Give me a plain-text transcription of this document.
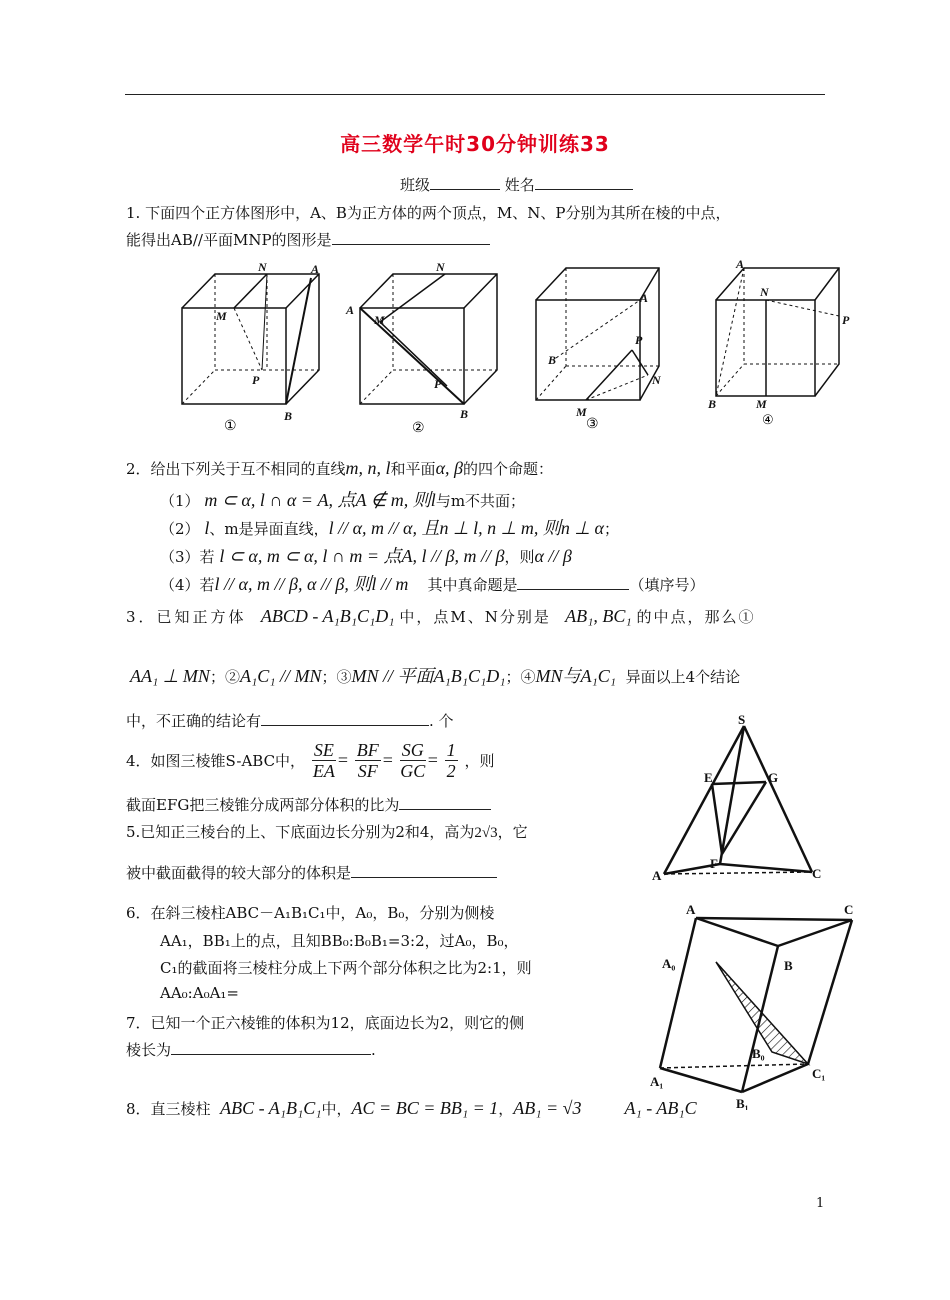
高三数学午时30分钟训练33
班级	姓名
1. 下面四个正方体图形中，A、B为正方体的两个顶点，M、N、P分别为其所在棱的中点，
能得出AB//平面MNP的图形是
N	A
M
P
B
①
N
A
M
P
B
②
A
B
P
N
M
③
A
N
P
B	M
④
2．给出下列关于互不相同的直线m, n, l和平面α, β的四个命题：
（1） m ⊂ α, l ∩ α = A, 点A ∉ m, 则l与m不共面；
（2） l、m是异面直线，l // α, m // α, 且n ⊥ l, n ⊥ m, 则n ⊥ α；
（3）若 l ⊂ α, m ⊂ α, l ∩ m = 点A, l // β, m // β，则α // β
（4）若l // α, m // β, α // β, 则l // m 其中真命题是	（填序号）
3．已知正方体 ABCD - A₁B₁C₁D₁ 中，点M、N分别是 AB₁, BC₁ 的中点，那么①
AA₁ ⊥ MN；②A₁C₁ // MN；③MN // 平面A₁B₁C₁D₁；④MN与A₁C₁ 异面以上4个结论
中，不正确的结论有	. 个
4．如图三棱锥S-ABC中， $\frac{SE}{EA} = \frac{BF}{SF} = \frac{SG}{GC} = \frac{1}{2}$ ，则
截面EFG把三棱锥分成两部分体积的比为
5.已知正三棱台的上、下底面边长分别为2和4，高为2√3，它
被中截面截得的较大部分的体积是
6．在斜三棱柱ABC－A₁B₁C₁中，A₀，B₀，分别为侧棱
AA₁，BB₁上的点，且知BB₀:B₀B₁=3:2，过A₀，B₀，
C₁的截面将三棱柱分成上下两个部分体积之比为2:1，则
AA₀:A₀A₁=
7．已知一个正六棱锥的体积为12，底面边长为2，则它的侧
棱长为	.
8．直三棱柱 ABC - A₁B₁C₁中，AC = BC = BB₁ = 1，AB₁ = √3 A₁ - AB₁C
S
E	G
A
F
C
A	C
A₀	B
B₀
A₁
C₁
B₁
1
